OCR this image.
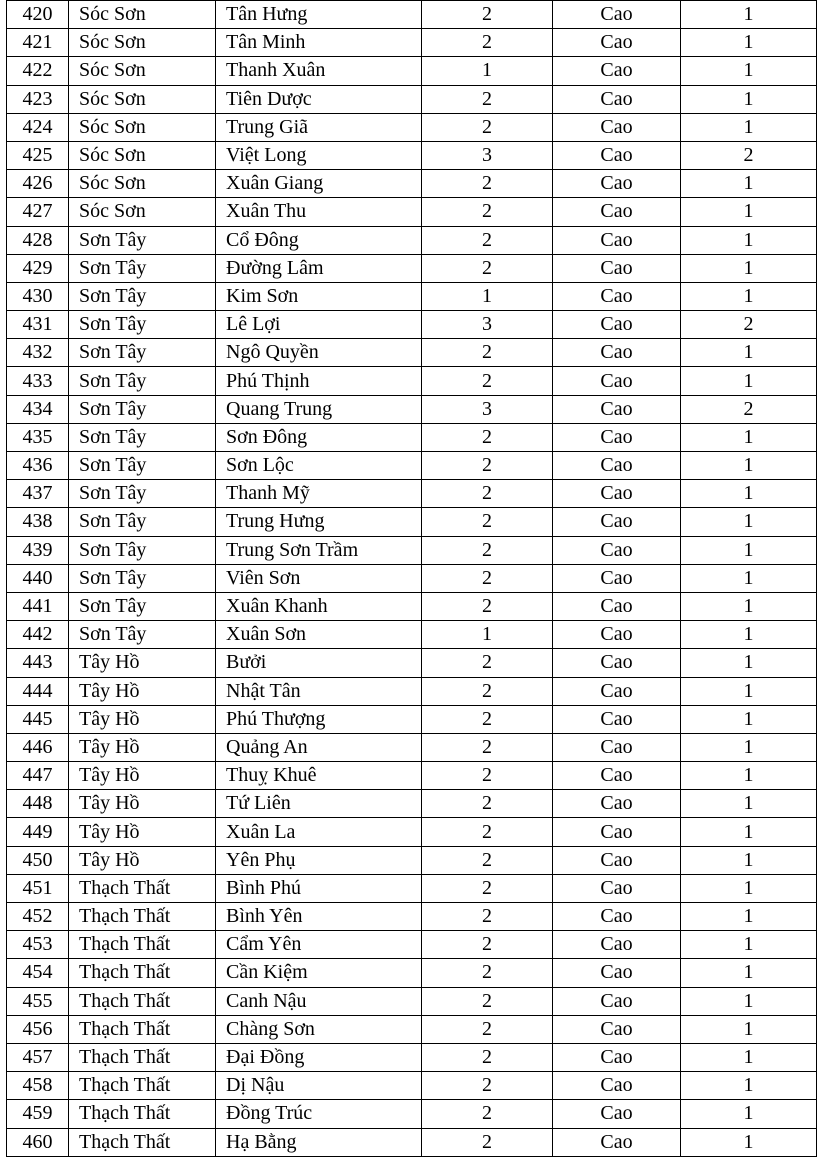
420	Sóc Sơn	Tân Hưng	2	Cao	1
421	Sóc Sơn	Tân Minh	2	Cao	1
422	Sóc Sơn	Thanh Xuân	1	Cao	1
423	Sóc Sơn	Tiên Dược	2	Cao	1
424	Sóc Sơn	Trung Giã	2	Cao	1
425	Sóc Sơn	Việt Long	3	Cao	2
426	Sóc Sơn	Xuân Giang	2	Cao	1
427	Sóc Sơn	Xuân Thu	2	Cao	1
428	Sơn Tây	Cổ Đông	2	Cao	1
429	Sơn Tây	Đường Lâm	2	Cao	1
430	Sơn Tây	Kim Sơn	1	Cao	1
431	Sơn Tây	Lê Lợi	3	Cao	2
432	Sơn Tây	Ngô Quyền	2	Cao	1
433	Sơn Tây	Phú Thịnh	2	Cao	1
434	Sơn Tây	Quang Trung	3	Cao	2
435	Sơn Tây	Sơn Đông	2	Cao	1
436	Sơn Tây	Sơn Lộc	2	Cao	1
437	Sơn Tây	Thanh Mỹ	2	Cao	1
438	Sơn Tây	Trung Hưng	2	Cao	1
439	Sơn Tây	Trung Sơn Trầm	2	Cao	1
440	Sơn Tây	Viên Sơn	2	Cao	1
441	Sơn Tây	Xuân Khanh	2	Cao	1
442	Sơn Tây	Xuân Sơn	1	Cao	1
443	Tây Hồ	Bưởi	2	Cao	1
444	Tây Hồ	Nhật Tân	2	Cao	1
445	Tây Hồ	Phú Thượng	2	Cao	1
446	Tây Hồ	Quảng An	2	Cao	1
447	Tây Hồ	Thuỵ Khuê	2	Cao	1
448	Tây Hồ	Tứ Liên	2	Cao	1
449	Tây Hồ	Xuân La	2	Cao	1
450	Tây Hồ	Yên Phụ	2	Cao	1
451	Thạch Thất	Bình Phú	2	Cao	1
452	Thạch Thất	Bình Yên	2	Cao	1
453	Thạch Thất	Cẩm Yên	2	Cao	1
454	Thạch Thất	Cần Kiệm	2	Cao	1
455	Thạch Thất	Canh Nậu	2	Cao	1
456	Thạch Thất	Chàng Sơn	2	Cao	1
457	Thạch Thất	Đại Đồng	2	Cao	1
458	Thạch Thất	Dị Nậu	2	Cao	1
459	Thạch Thất	Đồng Trúc	2	Cao	1
460	Thạch Thất	Hạ Bằng	2	Cao	1
